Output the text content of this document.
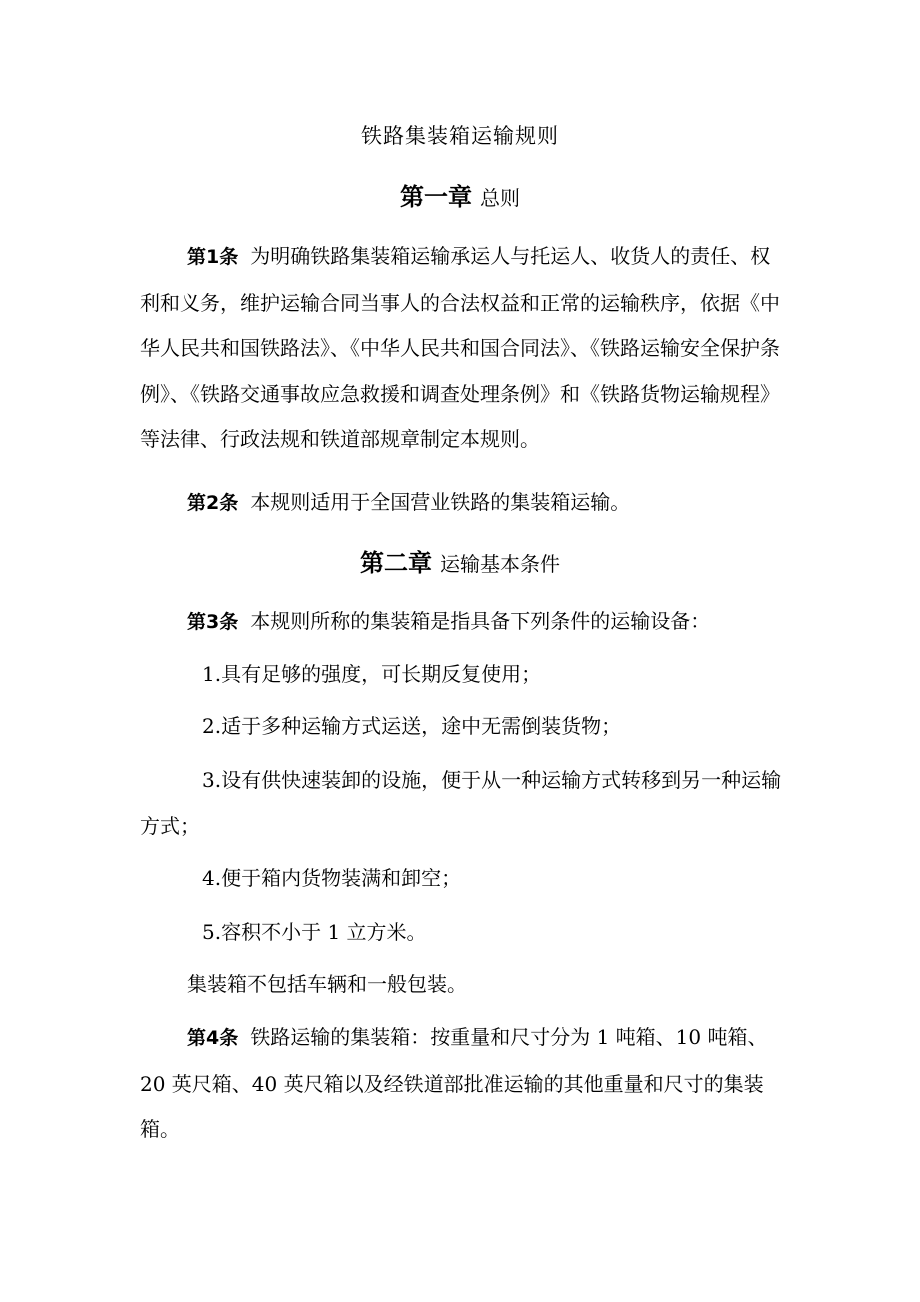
铁路集装箱运输规则
第一章 总则

第1条 为明确铁路集装箱运输承运人与托运人、收货人的责任、权利和义务，维护运输合同当事人的合法权益和正常的运输秩序，依据《中华人民共和国铁路法》、《中华人民共和国合同法》、《铁路运输安全保护条例》、《铁路交通事故应急救援和调查处理条例》和《铁路货物运输规程》等法律、行政法规和铁道部规章制定本规则。

第2条 本规则适用于全国营业铁路的集装箱运输。

第二章 运输基本条件

第3条 本规则所称的集装箱是指具备下列条件的运输设备：

1.具有足够的强度，可长期反复使用；

2.适于多种运输方式运送，途中无需倒装货物；

3.设有供快速装卸的设施，便于从一种运输方式转移到另一种运输方式；

4.便于箱内货物装满和卸空；

5.容积不小于 1 立方米。

集装箱不包括车辆和一般包装。

第4条 铁路运输的集装箱：按重量和尺寸分为 1 吨箱、10 吨箱、20 英尺箱、40 英尺箱以及经铁道部批准运输的其他重量和尺寸的集装箱。
